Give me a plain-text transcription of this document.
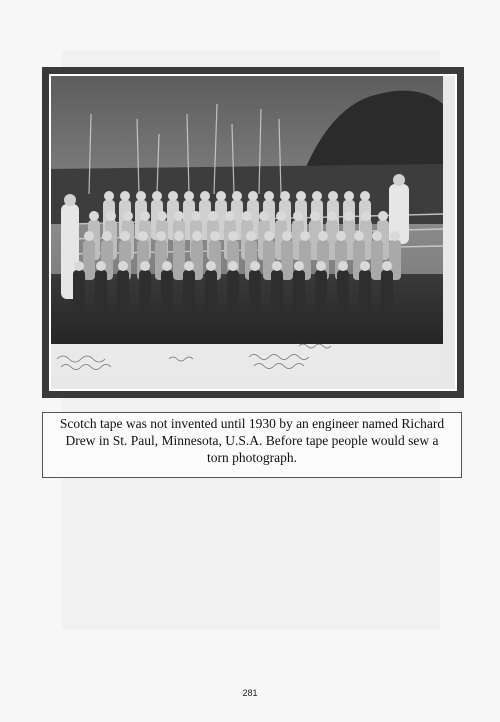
Scotch tape was not invented until 1930 by an engineer named Richard Drew in St. Paul, Minnesota, U.S.A. Before tape people would sew a torn photograph.
281
